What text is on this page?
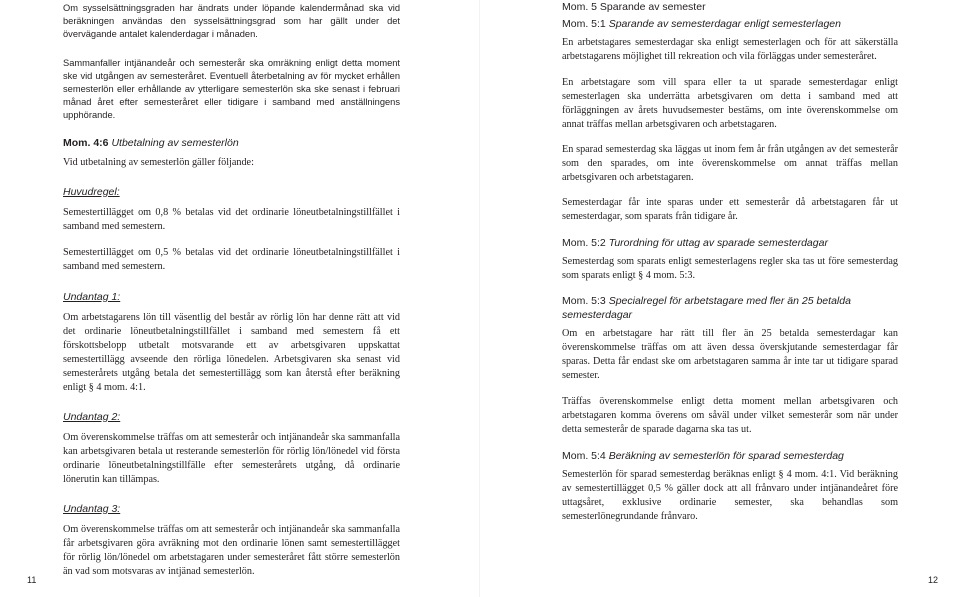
Om sysselsättningsgraden har ändrats under löpande kalendermånad ska vid beräkningen användas den sysselsättningsgrad som har gällt under det övervägande antalet kalenderdagar i månaden.

Sammanfaller intjänandeår och semesterår ska omräkning enligt detta moment ske vid utgången av semesteråret. Eventuell återbetalning av för mycket erhållen semesterlön eller erhållande av ytterligare semesterlön ska ske senast i februari månad året efter semesteråret eller tidigare i samband med anställningens upphörande.

Mom. 4:6 Utbetalning av semesterlön

Vid utbetalning av semesterlön gäller följande:

Huvudregel:

Semestertillägget om 0,8 % betalas vid det ordinarie löneutbetalningstillfället i samband med semestern.

Semestertillägget om 0,5 % betalas vid det ordinarie löneutbetalningstillfället i samband med semestern.

Undantag 1:

Om arbetstagarens lön till väsentlig del består av rörlig lön har denne rätt att vid det ordinarie löneutbetalningstillfället i samband med semestern få ett förskottsbelopp utbetalt motsvarande ett av arbetsgivaren uppskattat semestertillägg avseende den rörliga lönedelen. Arbetsgivaren ska senast vid semesterårets utgång betala det semestertillägg som kan återstå efter beräkning enligt § 4 mom. 4:1.

Undantag 2:

Om överenskommelse träffas om att semesterår och intjänandeår ska sammanfalla kan arbetsgivaren betala ut resterande semesterlön för rörlig lön/lönedel vid första ordinarie löneutbetalningstillfälle efter semesterårets utgång, då ordinarie lönerutin kan tillämpas.

Undantag 3:

Om överenskommelse träffas om att semesterår och intjänandeår ska sammanfalla får arbetsgivaren göra avräkning mot den ordinarie lönen samt semestertillägget för rörlig lön/lönedel om arbetstagaren under semesteråret fått större semesterlön än vad som motsvaras av intjänad semesterlön.

11
Mom. 5 Sparande av semester
Mom. 5:1 Sparande av semesterdagar enligt semesterlagen

En arbetstagares semesterdagar ska enligt semesterlagen och för att säkerställa arbetstagarens möjlighet till rekreation och vila förläggas under semesteråret.

En arbetstagare som vill spara eller ta ut sparade semesterdagar enligt semesterlagen ska underrätta arbetsgivaren om detta i samband med att förläggningen av årets huvudsemester bestäms, om inte överenskommelse om annat träffas mellan arbetsgivaren och arbetstagaren.

En sparad semesterdag ska läggas ut inom fem år från utgången av det semesterår som den sparades, om inte överenskommelse om annat träffas mellan arbetsgivaren och arbetstagaren.

Semesterdagar får inte sparas under ett semesterår då arbetstagaren får ut semesterdagar, som sparats från tidigare år.

Mom. 5:2 Turordning för uttag av sparade semesterdagar

Semesterdag som sparats enligt semesterlagens regler ska tas ut före semesterdag som sparats enligt § 4 mom. 5:3.

Mom. 5:3 Specialregel för arbetstagare med fler än 25 betalda semesterdagar

Om en arbetstagare har rätt till fler än 25 betalda semesterdagar kan överenskommelse träffas om att även dessa överskjutande semesterdagar får sparas. Detta får endast ske om arbetstagaren samma år inte tar ut tidigare sparad semester.

Träffas överenskommelse enligt detta moment mellan arbetsgivaren och arbetstagaren komma överens om såväl under vilket semesterår som när under detta semesterår de sparade dagarna ska tas ut.

Mom. 5:4 Beräkning av semesterlön för sparad semesterdag

Semesterlön för sparad semesterdag beräknas enligt § 4 mom. 4:1. Vid beräkning av semestertillägget 0,5 % gäller dock att all frånvaro under intjänandeåret före uttagsåret, exklusive ordinarie semester, ska behandlas som semesterlönegrundande frånvaro.

12
